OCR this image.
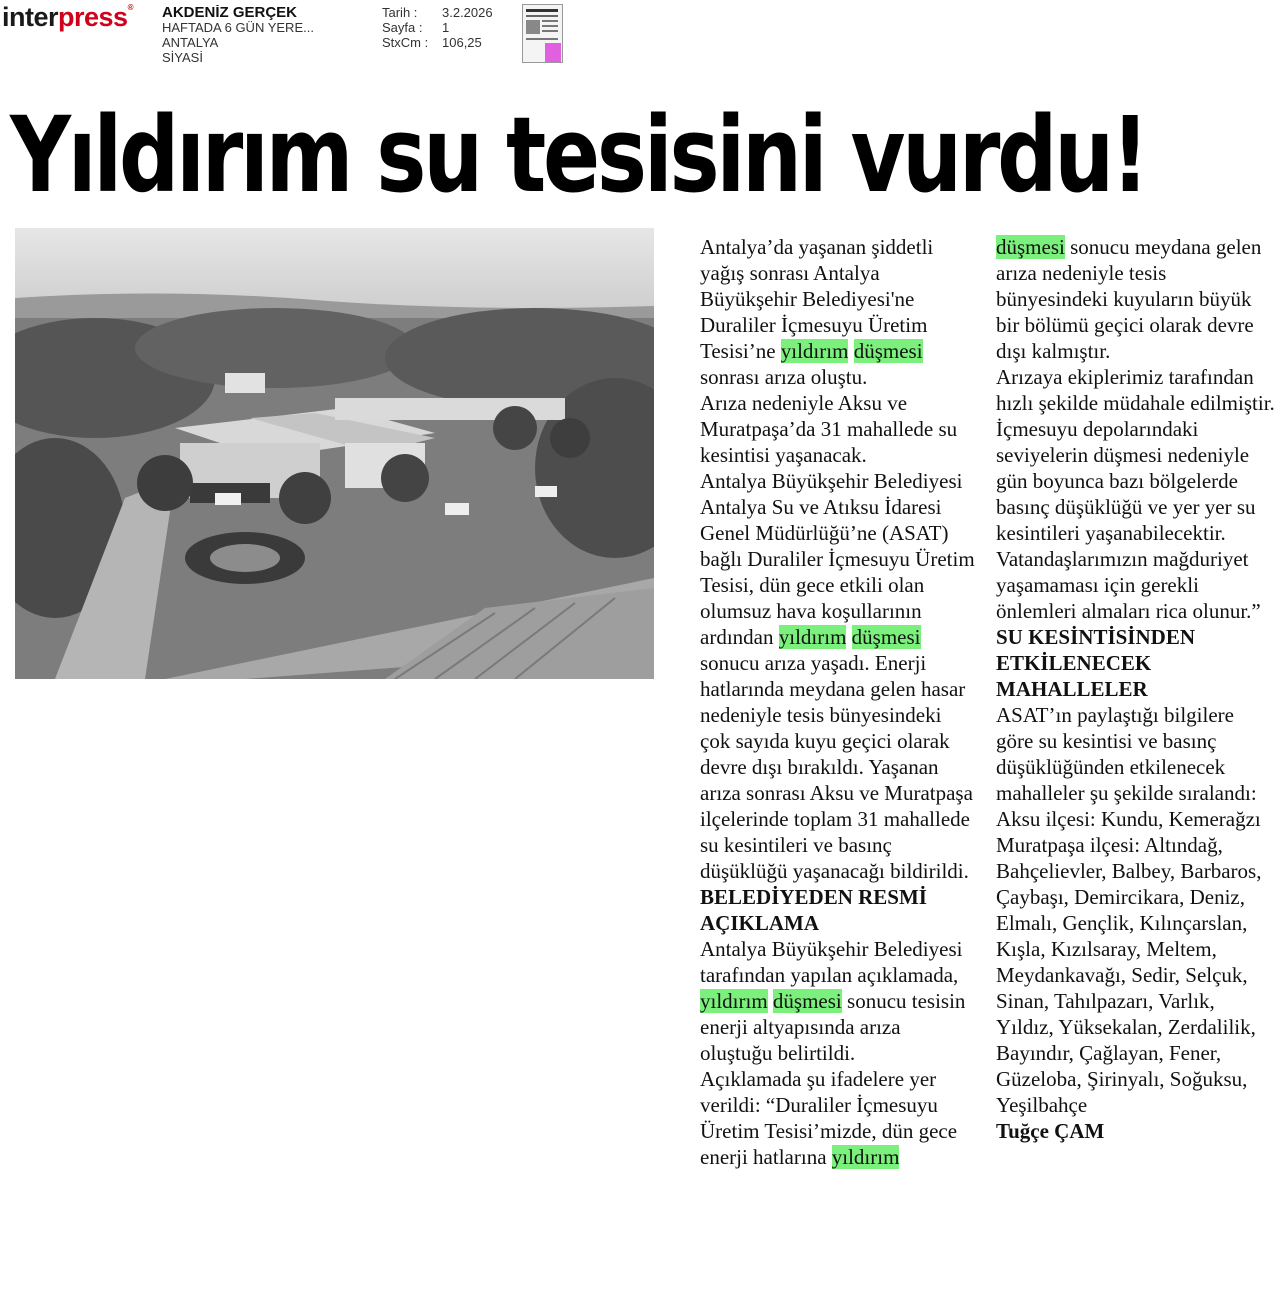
interpress® AKDENİZ GERÇEK
HAFTADA 6 GÜN YERE...
ANTALYA
SİYASİ
Tarih :	3.2.2026
Sayfa :	1
StxCm :	106,25
Yıldırım su tesisini vurdu!

Antalya’da yaşanan şiddetli yağış sonrası Antalya Büyükşehir Belediyesi'ne Duraliler İçmesuyu Üretim Tesisi’ne yıldırım düşmesi sonrası arıza oluştu.

Arıza nedeniyle Aksu ve Muratpaşa’da 31 mahallede su kesintisi yaşanacak.

Antalya Büyükşehir Belediyesi Antalya Su ve Atıksu İdaresi Genel Müdürlüğü’ne (ASAT) bağlı Duraliler İçmesuyu Üretim Tesisi, dün gece etkili olan olumsuz hava koşullarının ardından yıldırım düşmesi sonucu arıza yaşadı. Enerji hatlarında meydana gelen hasar nedeniyle tesis bünyesindeki çok sayıda kuyu geçici olarak devre dışı bırakıldı. Yaşanan arıza sonrası Aksu ve Muratpaşa ilçelerinde toplam 31 mahallede su kesintileri ve basınç düşüklüğü yaşanacağı bildirildi.

BELEDİYEDEN RESMİ AÇIKLAMA

Antalya Büyükşehir Belediyesi tarafından yapılan açıklamada, yıldırım düşmesi sonucu tesisin enerji altyapısında arıza oluştuğu belirtildi.

Açıklamada şu ifadelere yer verildi: “Duraliler İçmesuyu Üretim Tesisi’mizde, dün gece enerji hatlarına yıldırım

düşmesi sonucu meydana gelen arıza nedeniyle tesis bünyesindeki kuyuların büyük bir bölümü geçici olarak devre dışı kalmıştır.

Arızaya ekiplerimiz tarafından hızlı şekilde müdahale edilmiştir.

İçmesuyu depolarındaki seviyelerin düşmesi nedeniyle gün boyunca bazı bölgelerde basınç düşüklüğü ve yer yer su kesintileri yaşanabilecektir.

Vatandaşlarımızın mağduriyet yaşamaması için gerekli önlemleri almaları rica olunur.”

SU KESİNTİSİNDEN ETKİLENECEK MAHALLELER

ASAT’ın paylaştığı bilgilere göre su kesintisi ve basınç düşüklüğünden etkilenecek mahalleler şu şekilde sıralandı: Aksu ilçesi: Kundu, Kemerağzı

Muratpaşa ilçesi: Altındağ, Bahçelievler, Balbey, Barbaros, Çaybaşı, Demircikara, Deniz, Elmalı, Gençlik, Kılınçarslan, Kışla, Kızılsaray, Meltem, Meydankavağı, Sedir, Selçuk, Sinan, Tahılpazarı, Varlık, Yıldız, Yüksekalan, Zerdalilik, Bayındır, Çağlayan, Fener, Güzeloba, Şirinyalı, Soğuksu, Yeşilbahçe

Tuğçe ÇAM
